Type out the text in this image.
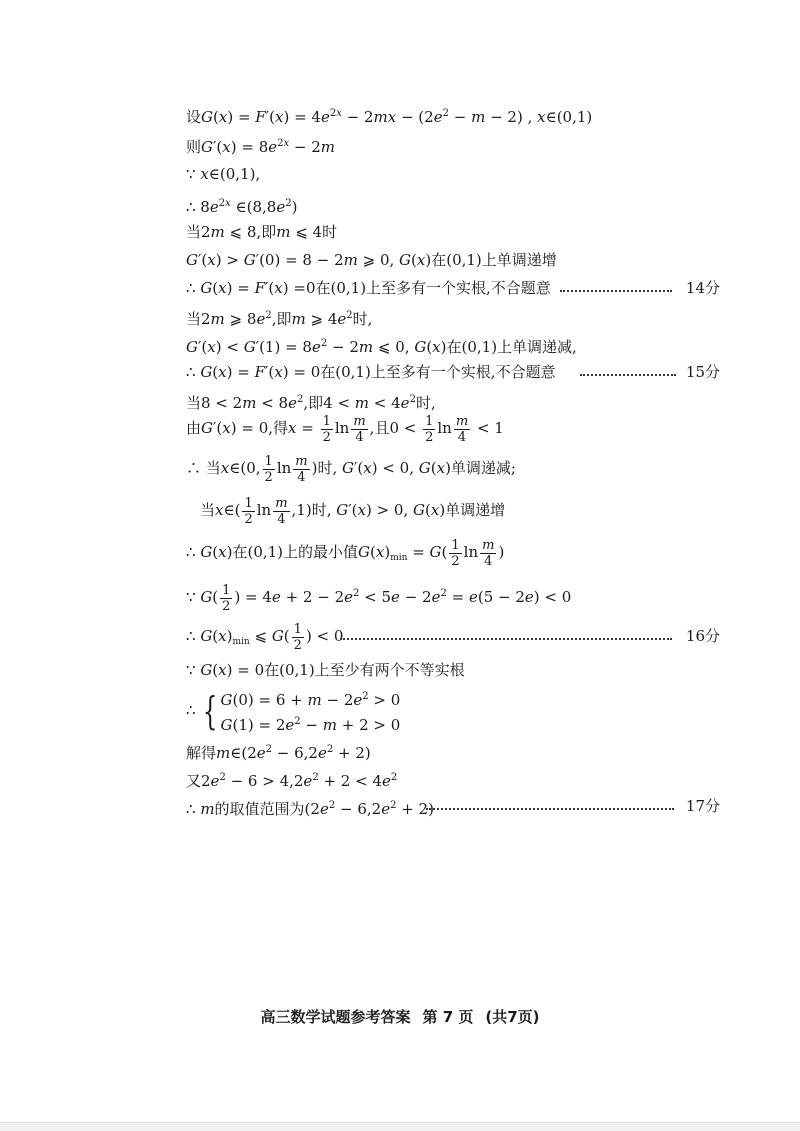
设$G(x) = F'(x) = 4e^{2x} - 2mx - (2e^2 - m - 2)$ , x∈(0,1)
则$G'(x) = 8e^{2x} - 2m$
∵ x∈(0,1),
∴ $8e^{2x}$ $\in(8,8e^2)$
当2m ⩽ 8,即m ⩽ 4时
G′(x) > G′(0) = 8 − 2m ⩾ 0, G(x)在(0,1)上单调递增
∴ G(x) = F′(x) =0在(0,1)上至多有一个实根,不合题意	14分
当2m ⩾ $8e^2$,即m ⩾ $4e^2$时,
$G'(x) < G'(1) = 8e^2 - 2m$ ⩽ 0, G(x)在(0,1)上单调递减,
∴ G(x) = F′(x) = 0在(0,1)上至多有一个实根,不合题意	15分
当$8 < 2m < 8e^2$,即$4 < m < 4e^2$时,
由G′(x) = 0,得$x = \frac{1}{2}$ $\ln \frac{m}{4}$ ,且$0 < \frac{1}{2}$ $\ln \frac{m}{4} < 1$
∴ 当x∈(0, $\frac{1}{2}$ $\ln \frac{m}{4}$ )时, G′(x) < 0, G(x)单调递减;
当x∈( $\frac{1}{2}$ $\ln \frac{m}{4} ,1$)时, G′(x) > 0, G(x)单调递增
∴ G(x)在(0,1)上的最小值$G(x)_{min} = G( \frac{1}{2}$ $\ln \frac{m}{4}$ )
∵ $G( \frac{1}{2}$ ) = $4e + 2 - 2e^2 < 5e - 2e^2 = e(5 - 2e) < 0$
∴ $G(x)_{min}$ ⩽ $G( \frac{1}{2}$ ) < 0	16分
∵ G(x) = 0在(0,1)上至少有两个不等实根
∴ { $G(0) = 6 + m - 2e^2 > 0$
$G(1) = 2e^2 - m + 2 > 0$
解得$m\in(2e^2 - 6,2e^2 + 2)$
又$2e^2 - 6 > 4,2e^2 + 2 < 4e^2$
∴ m的取值范围为$(2e^2 - 6,2e^2 + 2)$	17分
高三数学试题参考答案 第 7 页 (共7页)
